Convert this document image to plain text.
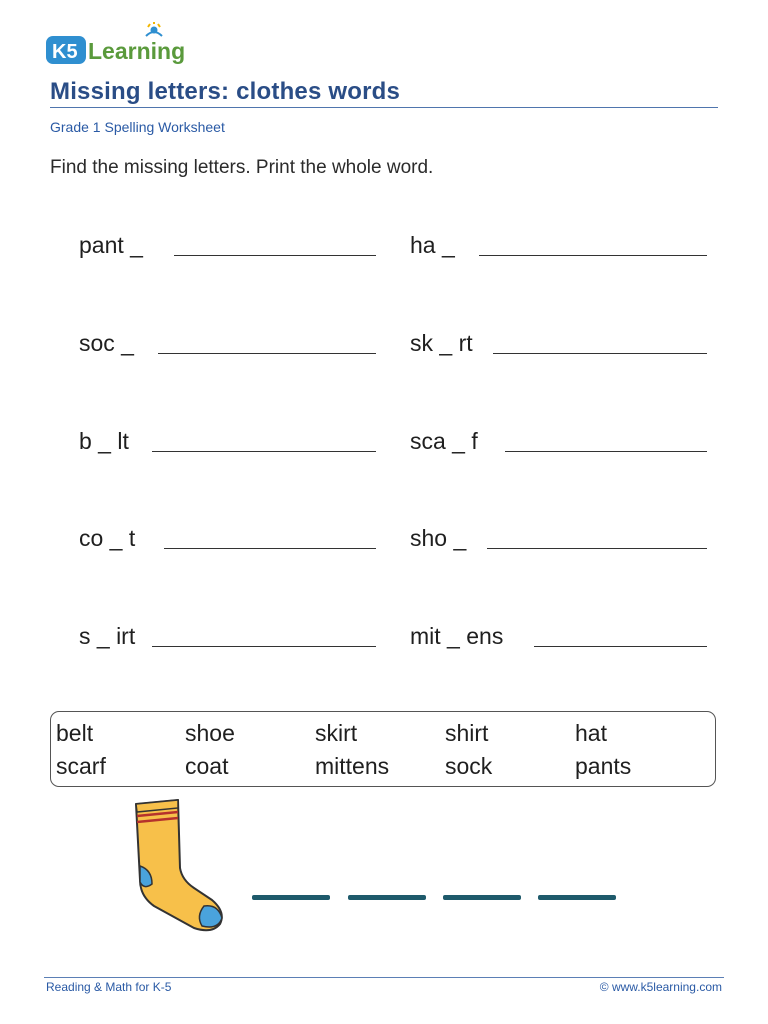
K5 Learning
Missing letters: clothes words
Grade 1 Spelling Worksheet
Find the missing letters. Print the whole word.
pant _	ha _
soc _	sk _ rt
b _ lt	sca _ f
co _ t	sho _
s _ irt	mit _ ens
belt	shoe	skirt	shirt	hat
scarf	coat	mittens sock	pants
Reading & Math for K-5	© www.k5learning.com
